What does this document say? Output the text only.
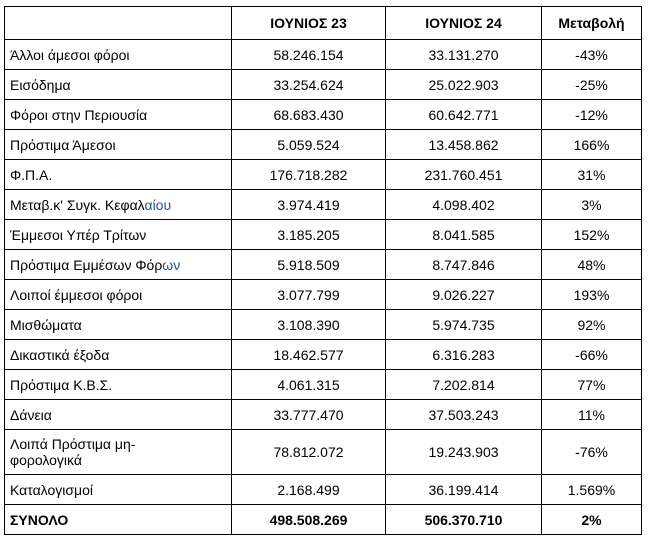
	ΙΟΥΝΙΟΣ 23	ΙΟΥΝΙΟΣ 24	Μεταβολή
Άλλοι άμεσοι φόροι	58.246.154	33.131.270	-43%
Εισόδημα	33.254.624	25.022.903	-25%
Φόροι στην Περιουσία	68.683.430	60.642.771	-12%
Πρόστιμα Άμεσοι	5.059.524	13.458.862	166%
Φ.Π.Α.	176.718.282	231.760.451	31%
Μεταβ.κ' Συγκ. Κεφαλαίου	3.974.419	4.098.402	3%
Έμμεσοι Υπέρ Τρίτων	3.185.205	8.041.585	152%
Πρόστιμα Εμμέσων Φόρων	5.918.509	8.747.846	48%
Λοιποί έμμεσοι φόροι	3.077.799	9.026.227	193%
Μισθώματα	3.108.390	5.974.735	92%
Δικαστικά έξοδα	18.462.577	6.316.283	-66%
Πρόστιμα Κ.Β.Σ.	4.061.315	7.202.814	77%
Δάνεια	33.777.470	37.503.243	11%
Λοιπά Πρόστιμα μη-
φορολογικά	78.812.072	19.243.903	-76%
Καταλογισμοί	2.168.499	36.199.414	1.569%
ΣΥΝΟΛΟ	498.508.269	506.370.710	2%
